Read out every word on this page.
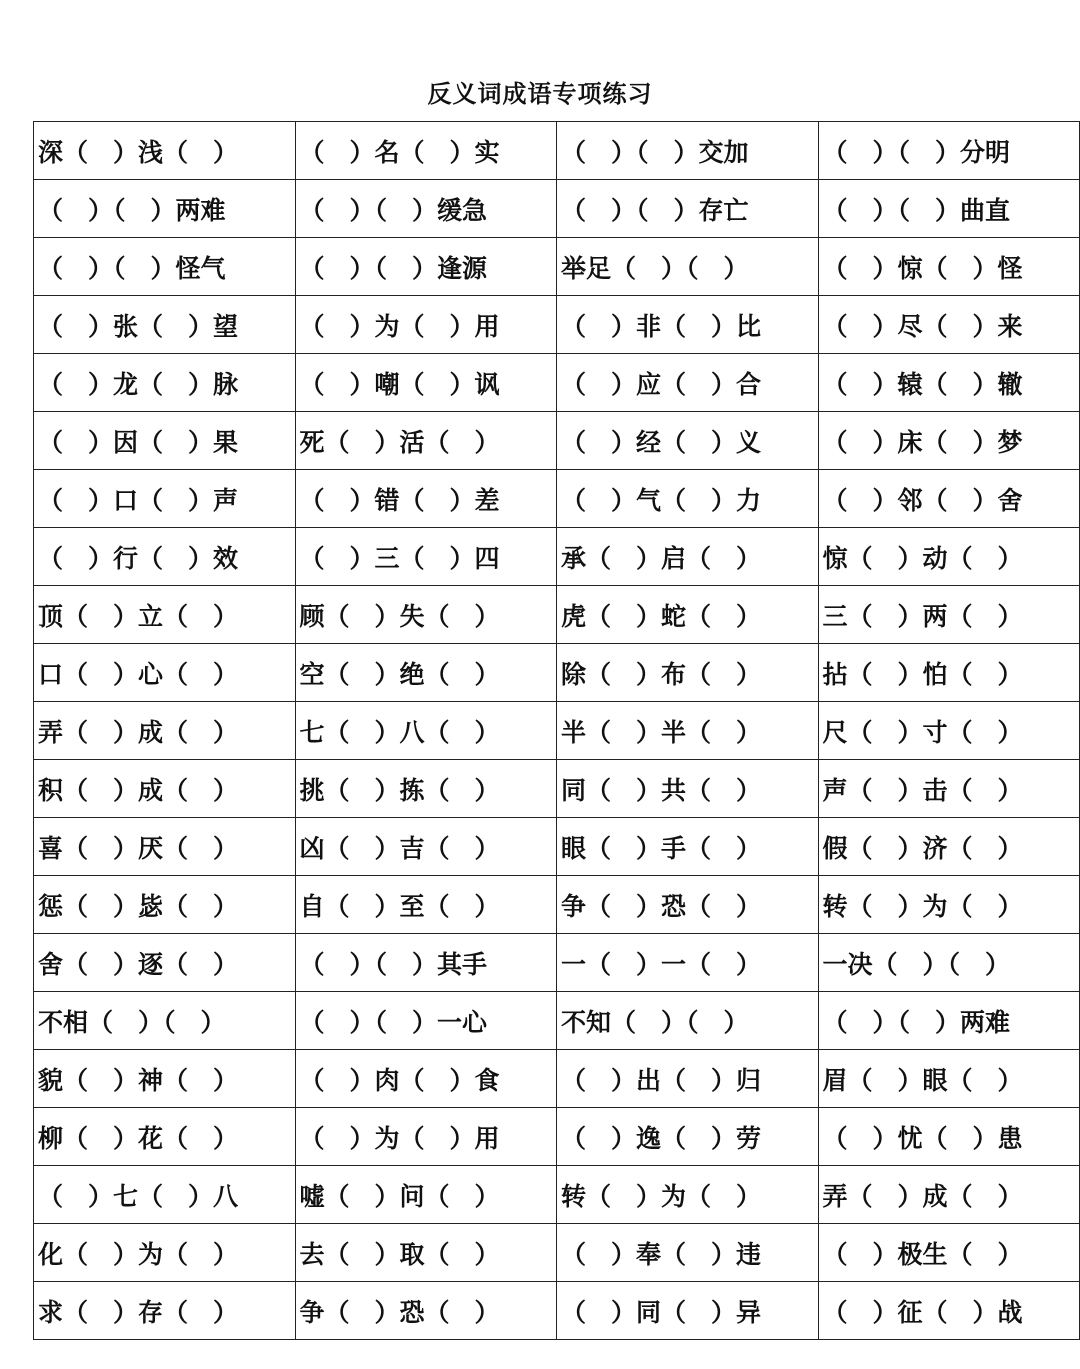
反义词成语专项练习
深（　）浅（　）	（　）名（　）实	（　）（　）交加	（　）（　）分明
（　）（　）两难	（　）（　）缓急	（　）（　）存亡	（　）（　）曲直
（　）（　）怪气	（　）（　）逢源	举足（　）（　）	（　）惊（　）怪
（　）张（　）望	（　）为（　）用	（　）非（　）比	（　）尽（　）来
（　）龙（　）脉	（　）嘲（　）讽	（　）应（　）合	（　）辕（　）辙
（　）因（　）果	死（　）活（　）	（　）经（　）义	（　）床（　）梦
（　）口（　）声	（　）错（　）差	（　）气（　）力	（　）邻（　）舍
（　）行（　）效	（　）三（　）四	承（　）启（　）	惊（　）动（　）
顶（　）立（　）	顾（　）失（　）	虎（　）蛇（　）	三（　）两（　）
口（　）心（　）	空（　）绝（　）	除（　）布（　）	拈（　）怕（　）
弄（　）成（　）	七（　）八（　）	半（　）半（　）	尺（　）寸（　）
积（　）成（　）	挑（　）拣（　）	同（　）共（　）	声（　）击（　）
喜（　）厌（　）	凶（　）吉（　）	眼（　）手（　）	假（　）济（　）
惩（　）毖（　）	自（　）至（　）	争（　）恐（　）	转（　）为（　）
舍（　）逐（　）	（　）（　）其手	一（　）一（　）	一决（　）（　）
不相（　）（　）	（　）（　）一心	不知（　）（　）	（　）（　）两难
貌（　）神（　）	（　）肉（　）食	（　）出（　）归	眉（　）眼（　）
柳（　）花（　）	（　）为（　）用	（　）逸（　）劳	（　）忧（　）患
（　）七（　）八	嘘（　）问（　）	转（　）为（　）	弄（　）成（　）
化（　）为（　）	去（　）取（　）	（　）奉（　）违	（　）极生（　）
求（　）存（　）	争（　）恐（　）	（　）同（　）异	（　）征（　）战
